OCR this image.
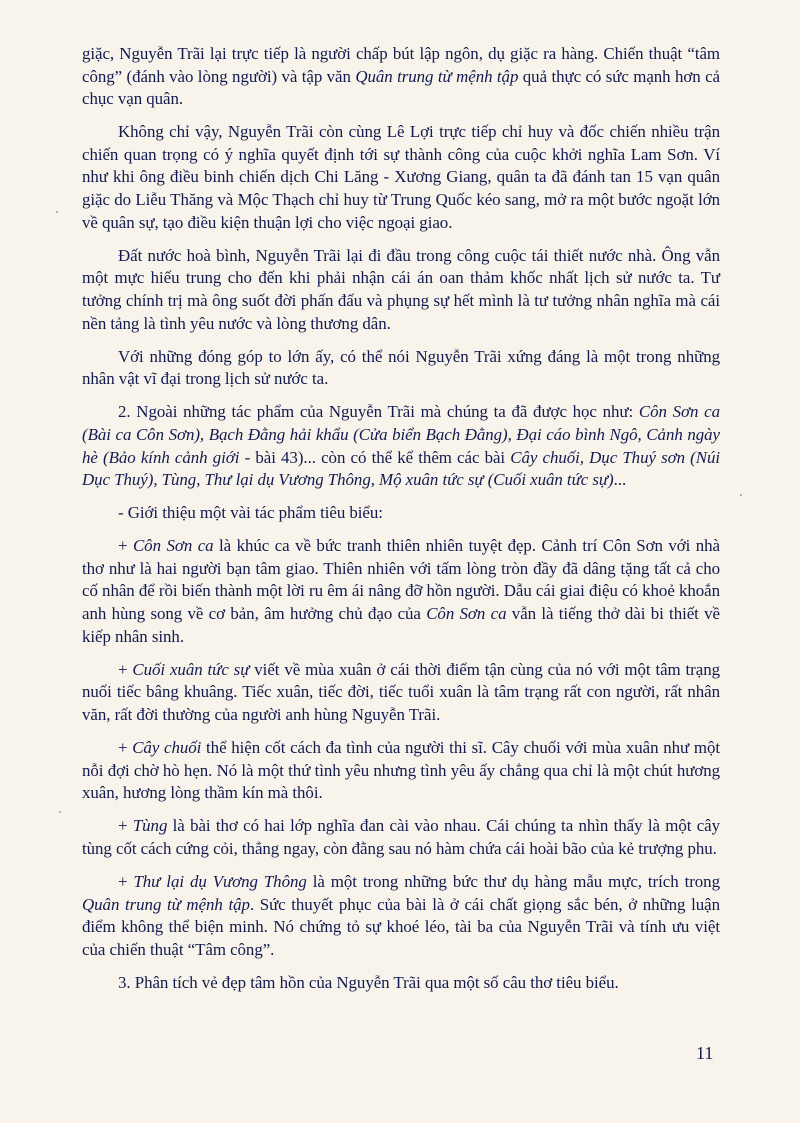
giặc, Nguyễn Trãi lại trực tiếp là người chấp bút lập ngôn, dụ giặc ra hàng. Chiến thuật “tâm công” (đánh vào lòng người) và tập văn Quân trung từ mệnh tập quả thực có sức mạnh hơn cả chục vạn quân.

Không chỉ vậy, Nguyễn Trãi còn cùng Lê Lợi trực tiếp chỉ huy và đốc chiến nhiều trận chiến quan trọng có ý nghĩa quyết định tới sự thành công của cuộc khởi nghĩa Lam Sơn. Ví như khi ông điều binh chiến dịch Chi Lăng - Xương Giang, quân ta đã đánh tan 15 vạn quân giặc do Liễu Thăng và Mộc Thạch chỉ huy từ Trung Quốc kéo sang, mở ra một bước ngoặt lớn về quân sự, tạo điều kiện thuận lợi cho việc ngoại giao.

Đất nước hoà bình, Nguyễn Trãi lại đi đầu trong công cuộc tái thiết nước nhà. Ông vẫn một mực hiếu trung cho đến khi phải nhận cái án oan thảm khốc nhất lịch sử nước ta. Tư tưởng chính trị mà ông suốt đời phấn đấu và phụng sự hết mình là tư tưởng nhân nghĩa mà cái nền tảng là tình yêu nước và lòng thương dân.

Với những đóng góp to lớn ấy, có thể nói Nguyễn Trãi xứng đáng là một trong những nhân vật vĩ đại trong lịch sử nước ta.

2. Ngoài những tác phẩm của Nguyễn Trãi mà chúng ta đã được học như: Côn Sơn ca (Bài ca Côn Sơn), Bạch Đằng hải khẩu (Cửa biển Bạch Đằng), Đại cáo bình Ngô, Cảnh ngày hè (Bảo kính cảnh giới - bài 43)... còn có thể kể thêm các bài Cây chuối, Dục Thuý sơn (Núi Dục Thuý), Tùng, Thư lại dụ Vương Thông, Mộ xuân tức sự (Cuối xuân tức sự)...

- Giới thiệu một vài tác phẩm tiêu biểu:

+ Côn Sơn ca là khúc ca về bức tranh thiên nhiên tuyệt đẹp. Cảnh trí Côn Sơn với nhà thơ như là hai người bạn tâm giao. Thiên nhiên với tấm lòng tròn đầy đã dâng tặng tất cả cho cố nhân để rồi biến thành một lời ru êm ái nâng đỡ hồn người. Dẫu cái giai điệu có khoẻ khoắn anh hùng song về cơ bản, âm hưởng chủ đạo của Côn Sơn ca vẫn là tiếng thở dài bi thiết về kiếp nhân sinh.

+ Cuối xuân tức sự viết về mùa xuân ở cái thời điểm tận cùng của nó với một tâm trạng nuối tiếc bâng khuâng. Tiếc xuân, tiếc đời, tiếc tuổi xuân là tâm trạng rất con người, rất nhân văn, rất đời thường của người anh hùng Nguyễn Trãi.

+ Cây chuối thể hiện cốt cách đa tình của người thi sĩ. Cây chuối với mùa xuân như một nỗi đợi chờ hò hẹn. Nó là một thứ tình yêu nhưng tình yêu ấy chẳng qua chỉ là một chút hương xuân, hương lòng thầm kín mà thôi.

+ Tùng là bài thơ có hai lớp nghĩa đan cài vào nhau. Cái chúng ta nhìn thấy là một cây tùng cốt cách cứng cỏi, thẳng ngay, còn đằng sau nó hàm chứa cái hoài bão của kẻ trượng phu.

+ Thư lại dụ Vương Thông là một trong những bức thư dụ hàng mẫu mực, trích trong Quân trung từ mệnh tập. Sức thuyết phục của bài là ở cái chất giọng sắc bén, ở những luận điểm không thể biện minh. Nó chứng tỏ sự khoé léo, tài ba của Nguyễn Trãi và tính ưu việt của chiến thuật “Tâm công”.

3. Phân tích vẻ đẹp tâm hồn của Nguyễn Trãi qua một số câu thơ tiêu biểu.

11
